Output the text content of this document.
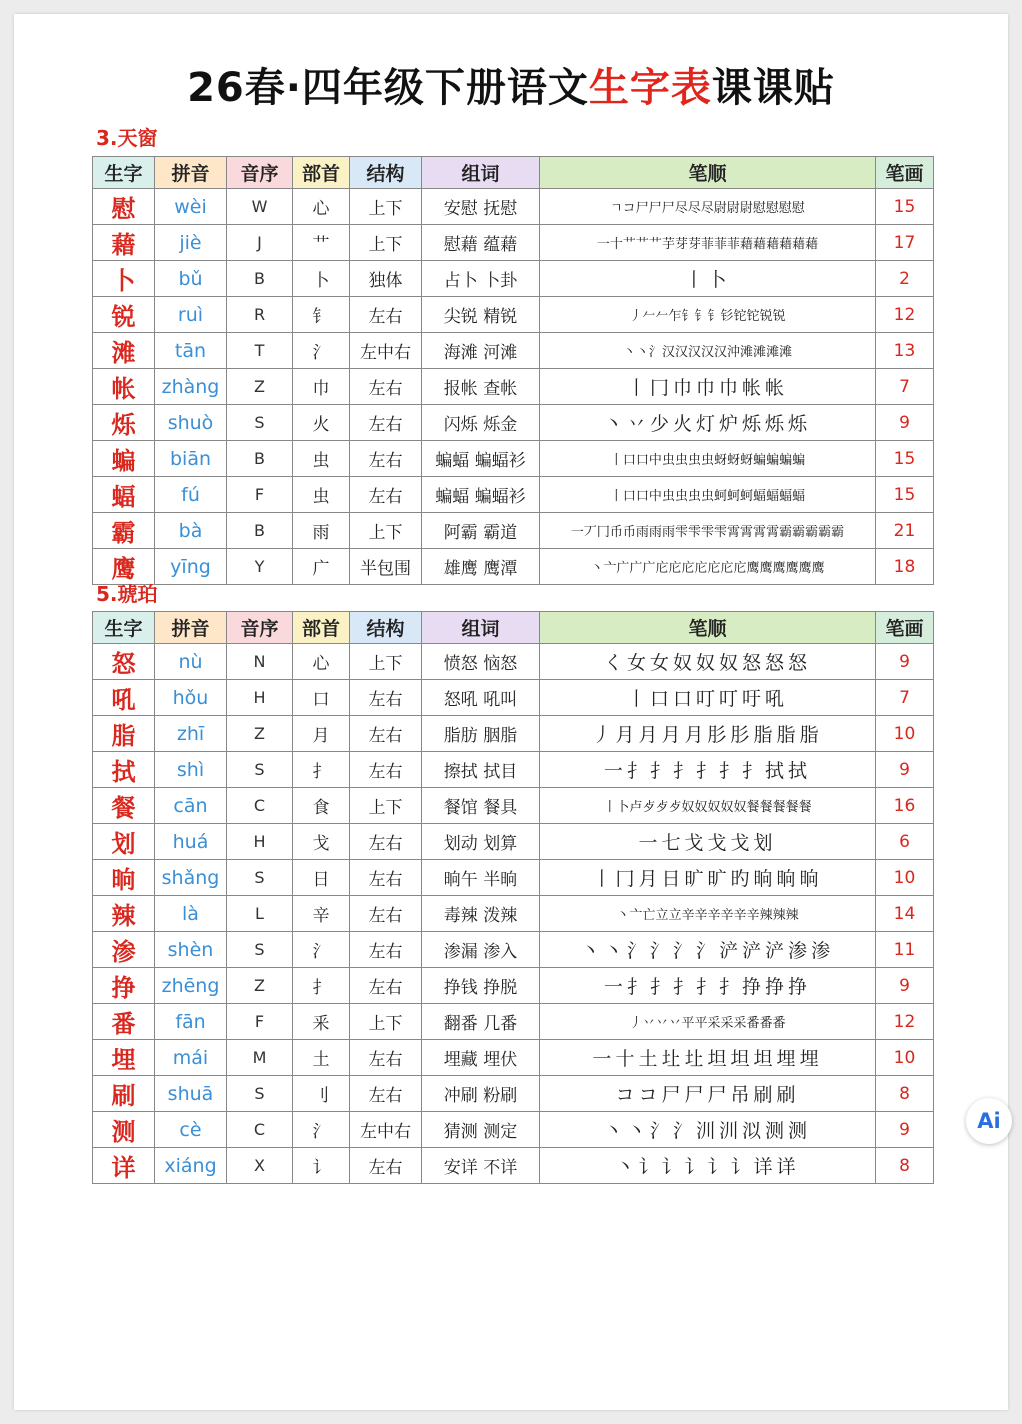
26春·四年级下册语文生字表课课贴
3.天窗
生字	拼音	音序	部首	结构	组词	笔顺	笔画
慰	wèi	W	心	上下	安慰 抚慰	ㄱコ尸尸尸尽尽尽尉尉尉慰慰慰慰	15
藉	jiè	J	艹	上下	慰藉 蕴藉	一十艹艹艹芋芽芽菲菲菲藉藉藉藉藉藉	17
卜	bǔ	B	卜	独体	占卜 卜卦	丨 卜	2
锐	ruì	R	钅	左右	尖锐 精锐	丿𠂉𠂉乍钅钅钅钐铊铊锐锐	12
滩	tān	T	氵	左中右	海滩 河滩	丶丶氵汉汉汉汉汉沖滩滩滩滩	13
帐	zhàng	Z	巾	左右	报帐 查帐	丨 冂 巾 巾 巾 帐 帐	7
烁	shuò	S	火	左右	闪烁 烁金	丶 丷 少 火 灯 炉 烁 烁 烁	9
蝙	biān	B	虫	左右	蝙蝠 蝙蝠衫	丨口口中虫虫虫虫蚜蚜蚜蝙蝙蝙蝙	15
蝠	fú	F	虫	左右	蝙蝠 蝙蝠衫	丨口口中虫虫虫虫蚵蚵蚵蝠蝠蝠蝠	15
霸	bà	B	雨	上下	阿霸 霸道	一丆冂币币雨雨雨雫雫雫雫霄霄霄霄霸霸霸霸霸	21
鹰	yīng	Y	广	半包围	雄鹰 鹰潭	丶亠广广广庀庀庀庀庀庀庀鹰鹰鹰鹰鹰鹰	18
5.琥珀
生字	拼音	音序	部首	结构	组词	笔顺	笔画
怒	nù	N	心	上下	愤怒 恼怒	く 女 女 奴 奴 奴 怒 怒 怒	9
吼	hǒu	H	口	左右	怒吼 吼叫	丨 口 口 叮 叮 吁 吼	7
脂	zhī	Z	月	左右	脂肪 胭脂	丿 月 月 月 月 肜 肜 脂 脂 脂	10
拭	shì	S	扌	左右	擦拭 拭目	一 扌 扌 扌 扌 扌 扌 拭 拭	9
餐	cān	C	食	上下	餐馆 餐具	丨卜卢歺歺歺奴奴奴奴奴餐餐餐餐餐	16
划	huá	H	戈	左右	划动 划算	一 七 戈 戈 戈 划	6
晌	shǎng	S	日	左右	晌午 半晌	丨 冂 月 日 旷 旷 旳 晌 晌 晌	10
辣	là	L	辛	左右	毒辣 泼辣	丶亠亡立立辛辛辛辛辛辛辣辣辣	14
渗	shèn	S	氵	左右	渗漏 渗入	丶 丶 氵 氵 氵 氵 浐 浐 浐 渗 渗	11
挣	zhēng	Z	扌	左右	挣钱 挣脱	一 扌 扌 扌 扌 扌 挣 挣 挣	9
番	fān	F	釆	上下	翻番 几番	丿丷丷丷平平采采采番番番	12
埋	mái	M	土	左右	埋藏 埋伏	一 十 土 圵 圵 坦 坦 坦 埋 埋	10
刷	shuā	S	刂	左右	冲刷 粉刷	コ コ 尸 尸 尸 吊 刷 刷	8
测	cè	C	氵	左中右	猜测 测定	丶 丶 氵 氵 汌 汌 泤 测 测	9
详	xiáng	X	讠	左右	安详 不详	丶 讠 讠 讠 讠 讠 详 详	8
Ai
